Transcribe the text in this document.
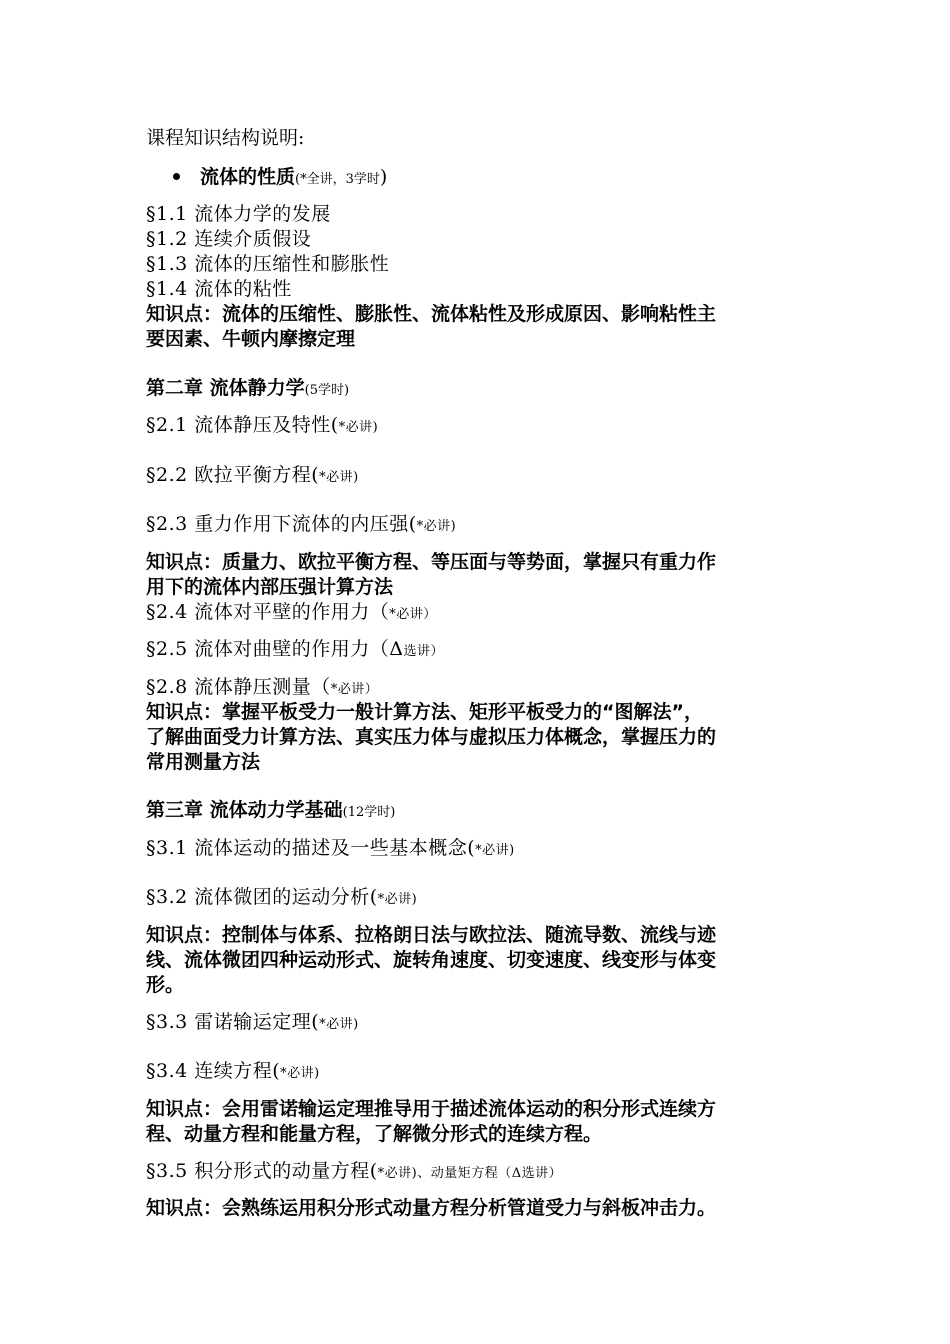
课程知识结构说明:
流体的性质(*全讲，3学时)
§1.1 流体力学的发展
§1.2 连续介质假设
§1.3 流体的压缩性和膨胀性
§1.4 流体的粘性
知识点：流体的压缩性、膨胀性、流体粘性及形成原因、影响粘性主
要因素、牛顿内摩擦定理
第二章 流体静力学(5学时)
§2.1 流体静压及特性(*必讲)
§2.2 欧拉平衡方程(*必讲)
§2.3 重力作用下流体的内压强(*必讲)
知识点：质量力、欧拉平衡方程、等压面与等势面，掌握只有重力作
用下的流体内部压强计算方法
§2.4 流体对平壁的作用力（*必讲）
§2.5 流体对曲壁的作用力（Δ选讲）
§2.8 流体静压测量（*必讲）
知识点：掌握平板受力一般计算方法、矩形平板受力的“图解法”，
了解曲面受力计算方法、真实压力体与虚拟压力体概念，掌握压力的
常用测量方法
第三章 流体动力学基础(12学时)
§3.1 流体运动的描述及一些基本概念(*必讲)
§3.2 流体微团的运动分析(*必讲)
知识点：控制体与体系、拉格朗日法与欧拉法、随流导数、流线与迹
线、流体微团四种运动形式、旋转角速度、切变速度、线变形与体变
形。
§3.3 雷诺输运定理(*必讲)
§3.4 连续方程(*必讲)
知识点：会用雷诺输运定理推导用于描述流体运动的积分形式连续方
程、动量方程和能量方程，了解微分形式的连续方程。
§3.5 积分形式的动量方程(*必讲)、动量矩方程（Δ选讲）
知识点：会熟练运用积分形式动量方程分析管道受力与斜板冲击力。
